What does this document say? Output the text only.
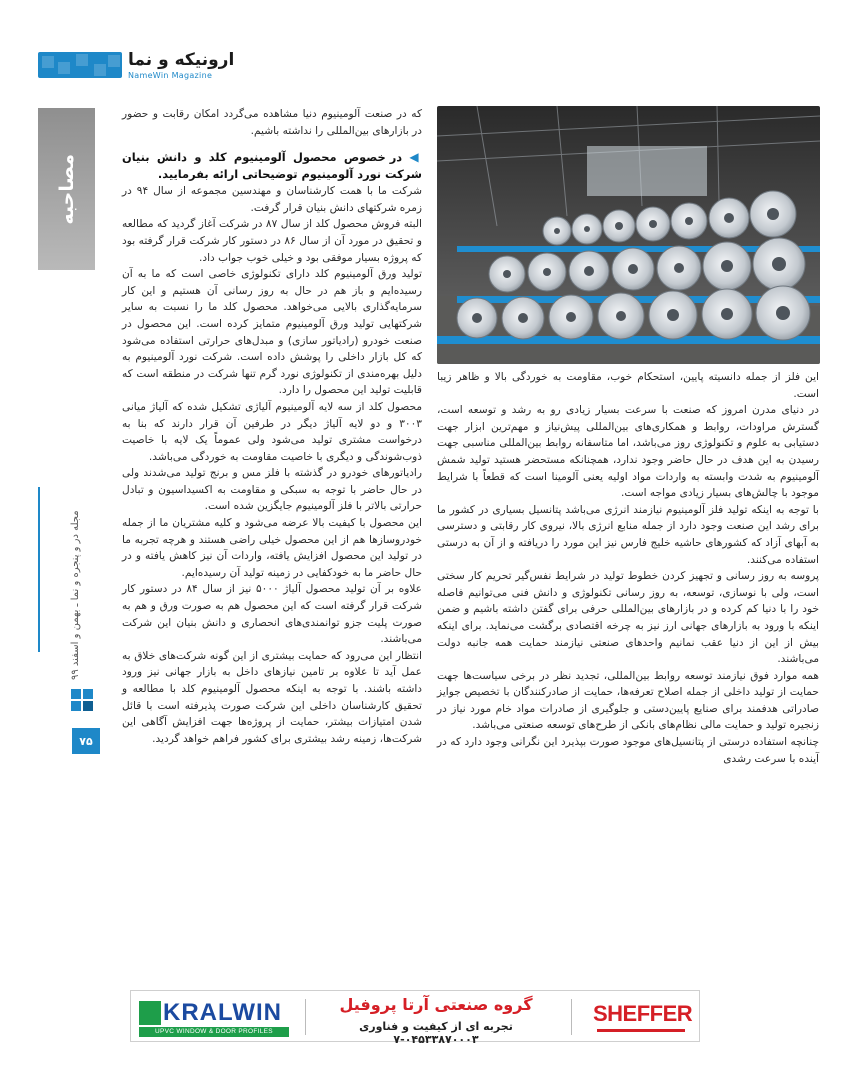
ارونیکه و نما
NameWin Magazine
مصاحبه
مجله در و پنجره و نما ـ بهمن و اسفند ۹۹
۷۵

این فلز از جمله دانسیته پایین، استحکام خوب، مقاومت به خوردگی بالا و ظاهر زیبا است.

در دنیای مدرن امروز که صنعت با سرعت بسیار زیادی رو به رشد و توسعه است، گسترش مراودات، روابط و همکاری‌های بین‌المللی پیش‌نیاز و مهم‌ترین ابزار جهت دستیابی به علوم و تکنولوژی روز می‌باشد، اما متاسفانه روابط بین‌المللی مناسبی جهت رسیدن به این هدف در حال حاضر وجود ندارد، همچنانکه مستحضر هستید تولید شمش آلومینیوم به شدت وابسته به واردات مواد اولیه یعنی آلومینا است که قطعاً با شرایط موجود با چالش‌های بسیار زیادی مواجه است.

با توجه به اینکه تولید فلز آلومینیوم نیازمند انرژی می‌باشد پتانسیل بسیاری در کشور ما برای رشد این صنعت وجود دارد از جمله منابع انرژی بالا، نیروی کار رقابتی و دسترسی به آبهای آزاد که کشورهای حاشیه خلیج فارس نیز این مورد را دریافته و از آن به درستی استفاده می‌کنند.

پروسه به روز رسانی و تجهیز کردن خطوط تولید در شرایط نفس‌گیر تحریم کار سختی است، ولی با نوسازی، توسعه، به روز رسانی تکنولوژی و دانش فنی می‌توانیم فاصله خود را با دنیا کم کرده و در بازارهای بین‌المللی حرفی برای گفتن داشته باشیم و ضمن اینکه با ورود به بازارهای جهانی ارز نیز به چرخه اقتصادی برگشت می‌نماید. برای اینکه بیش از این از دنیا عقب نمانیم واحدهای صنعتی نیازمند حمایت همه جانبه دولت می‌باشند.

همه موارد فوق نیازمند توسعه روابط بین‌المللی، تجدید نظر در برخی سیاست‌ها جهت حمایت از تولید داخلی از جمله اصلاح تعرفه‌ها، حمایت از صادرکنندگان با تخصیص جوایز صادراتی هدفمند برای صنایع پایین‌دستی و جلوگیری از صادرات مواد خام مورد نیاز در زنجیره تولید و حمایت مالی نظام‌های بانکی از طرح‌های توسعه صنعتی می‌باشد.

چنانچه استفاده درستی از پتانسیل‌های موجود صورت بپذیرد این نگرانی وجود دارد که در آینده با سرعت رشدی

که در صنعت آلومینیوم دنیا مشاهده می‌گردد امکان رقابت و حضور در بازارهای بین‌المللی را نداشته باشیم.

◀ در خصوص محصول آلومینیوم کلد و دانش بنیان شرکت نورد آلومینیوم توضیحاتی ارائه بفرمایید.

شرکت ما با همت کارشناسان و مهندسین مجموعه از سال ۹۴ در زمره شرکتهای دانش بنیان قرار گرفت.

البته فروش محصول کلد از سال ۸۷ در شرکت آغاز گردید که مطالعه و تحقیق در مورد آن از سال ۸۶ در دستور کار شرکت قرار گرفته بود که پروژه بسیار موفقی بود و خیلی خوب جواب داد.

تولید ورق آلومینیوم کلد دارای تکنولوژی خاصی است که ما به آن رسیده‌ایم و باز هم در حال به روز رسانی آن هستیم و این کار سرمایه‌گذاری بالایی می‌خواهد. محصول کلد ما را نسبت به سایر شرکتهایی تولید ورق آلومینیوم متمایز کرده است. این محصول در صنعت خودرو (رادیاتور سازی) و مبدل‌های حرارتی استفاده می‌شود که کل بازار داخلی را پوشش داده است. شرکت نورد آلومینیوم به دلیل بهره‌مندی از تکنولوژی نورد گرم تنها شرکت در منطقه است که قابلیت تولید این محصول را دارد.

محصول کلد از سه لایه آلومینیوم آلیاژی تشکیل شده که آلیاژ میانی ۳۰۰۳ و دو لایه آلیاژ دیگر در طرفین آن قرار دارند که بنا به درخواست مشتری تولید می‌شود ولی عموماً یک لایه با خاصیت ذوب‌شوندگی و دیگری با خاصیت مقاومت به خوردگی می‌باشد.

رادیاتورهای خودرو در گذشته با فلز مس و برنج تولید می‌شدند ولی در حال حاضر با توجه به سبکی و مقاومت به اکسیداسیون و تبادل حرارتی بالاتر با فلز آلومینیوم جایگزین شده است.

این محصول با کیفیت بالا عرضه می‌شود و کلیه مشتریان ما از جمله خودروسازها هم از این محصول خیلی راضی هستند و هرچه تجربه ما در تولید این محصول افزایش یافته، واردات آن نیز کاهش یافته و در حال حاضر ما به خودکفایی در زمینه تولید آن رسیده‌ایم.

علاوه بر آن تولید محصول آلیاژ ۵۰۰۰ نیز از سال ۸۴ در دستور کار شرکت قرار گرفته است که این محصول هم به صورت ورق و هم به صورت پلیت جزو توانمندی‌های انحصاری و دانش بنیان این شرکت می‌باشند.

انتظار این می‌رود که حمایت بیشتری از این گونه شرکت‌های خلاق به عمل آید تا علاوه بر تامین نیازهای داخل به بازار جهانی نیز ورود داشته باشند. با توجه به اینکه محصول آلومینیوم کلد با مطالعه و تحقیق کارشناسان داخلی این شرکت صورت پذیرفته است با قائل شدن امتیازات بیشتر، حمایت از پروژه‌ها جهت افزایش آگاهی این شرکت‌ها، زمینه رشد بیشتری برای کشور فراهم خواهد گردید.

KRALWIN
UPVC WINDOW & DOOR PROFILES
گروه صنعتی آرتا پروفیل
تجربه ای از کیفیت و فناوری ۰۴۵۳۳۸۷۰۰۰۳-۷
SHEFFER
